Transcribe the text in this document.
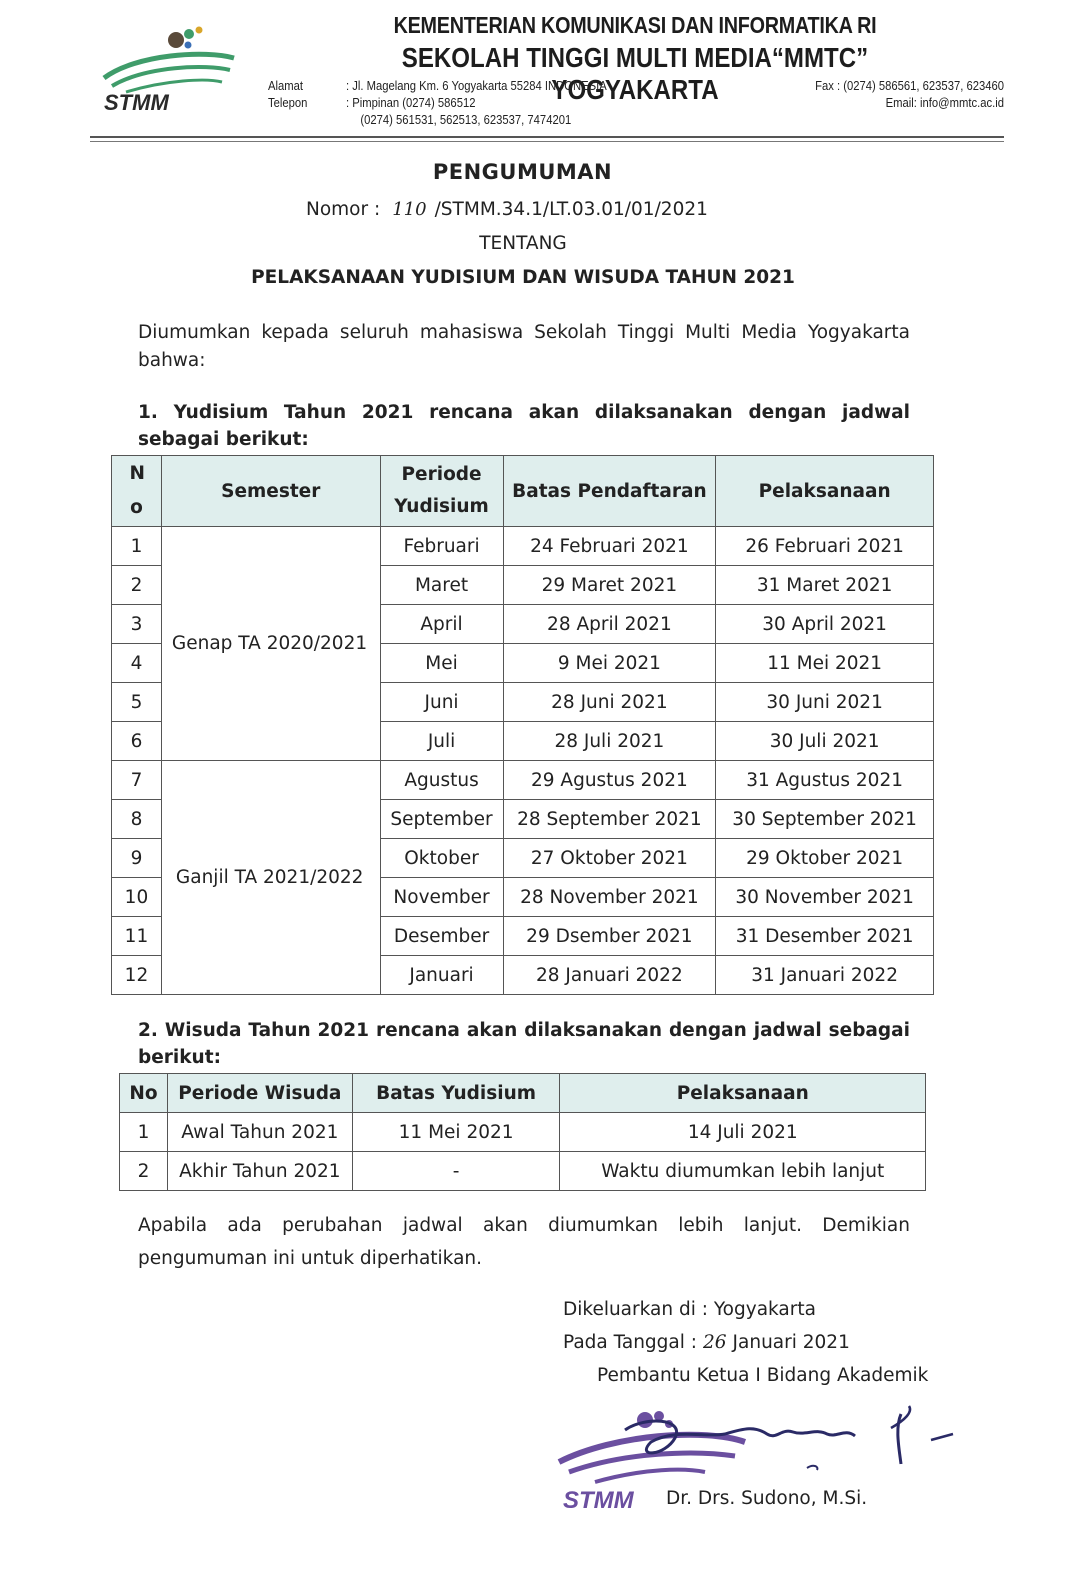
STMM
KEMENTERIAN KOMUNIKASI DAN INFORMATIKA RI
SEKOLAH TINGGI MULTI MEDIA“MMTC” YOGYAKARTA
Alamat
Telepon
: Jl. Magelang Km. 6 Yogyakarta 55284 INDONESIA
: Pimpinan (0274) 586512
(0274) 561531, 562513, 623537, 7474201
Fax : (0274) 586561, 623537, 623460
Email: info@mmtc.ac.id
PENGUMUMAN
Nomor : 110 /STMM.34.1/LT.03.01/01/2021
TENTANG
PELAKSANAAN YUDISIUM DAN WISUDA TAHUN 2021
Diumumkan kepada seluruh mahasiswa Sekolah Tinggi Multi Media Yogyakarta bahwa:
1. Yudisium Tahun 2021 rencana akan dilaksanakan dengan jadwal sebagai berikut:
N o	Semester	Periode Yudisium	Batas Pendaftaran	Pelaksanaan
1	Genap TA 2020/2021	Februari	24 Februari 2021	26 Februari 2021
2		Maret	29 Maret 2021	31 Maret 2021
3		April	28 April 2021	30 April 2021
4		Mei	9 Mei 2021	11 Mei 2021
5		Juni	28 Juni 2021	30 Juni 2021
6		Juli	28 Juli 2021	30 Juli 2021
7	Ganjil TA 2021/2022	Agustus	29 Agustus 2021	31 Agustus 2021
8		September	28 September 2021	30 September 2021
9		Oktober	27 Oktober 2021	29 Oktober 2021
10		November	28 November 2021	30 November 2021
11		Desember	29 Dsember 2021	31 Desember 2021
12		Januari	28 Januari 2022	31 Januari 2022
2. Wisuda Tahun 2021 rencana akan dilaksanakan dengan jadwal sebagai berikut:
No	Periode Wisuda	Batas Yudisium	Pelaksanaan
1	Awal Tahun 2021	11 Mei 2021	14 Juli 2021
2	Akhir Tahun 2021	-	Waktu diumumkan lebih lanjut
Apabila ada perubahan jadwal akan diumumkan lebih lanjut. Demikian pengumuman ini untuk diperhatikan.
Dikeluarkan di : Yogyakarta
Pada Tanggal : 26 Januari 2021
Pembantu Ketua I Bidang Akademik
STMM Dr. Drs. Sudono, M.Si.
